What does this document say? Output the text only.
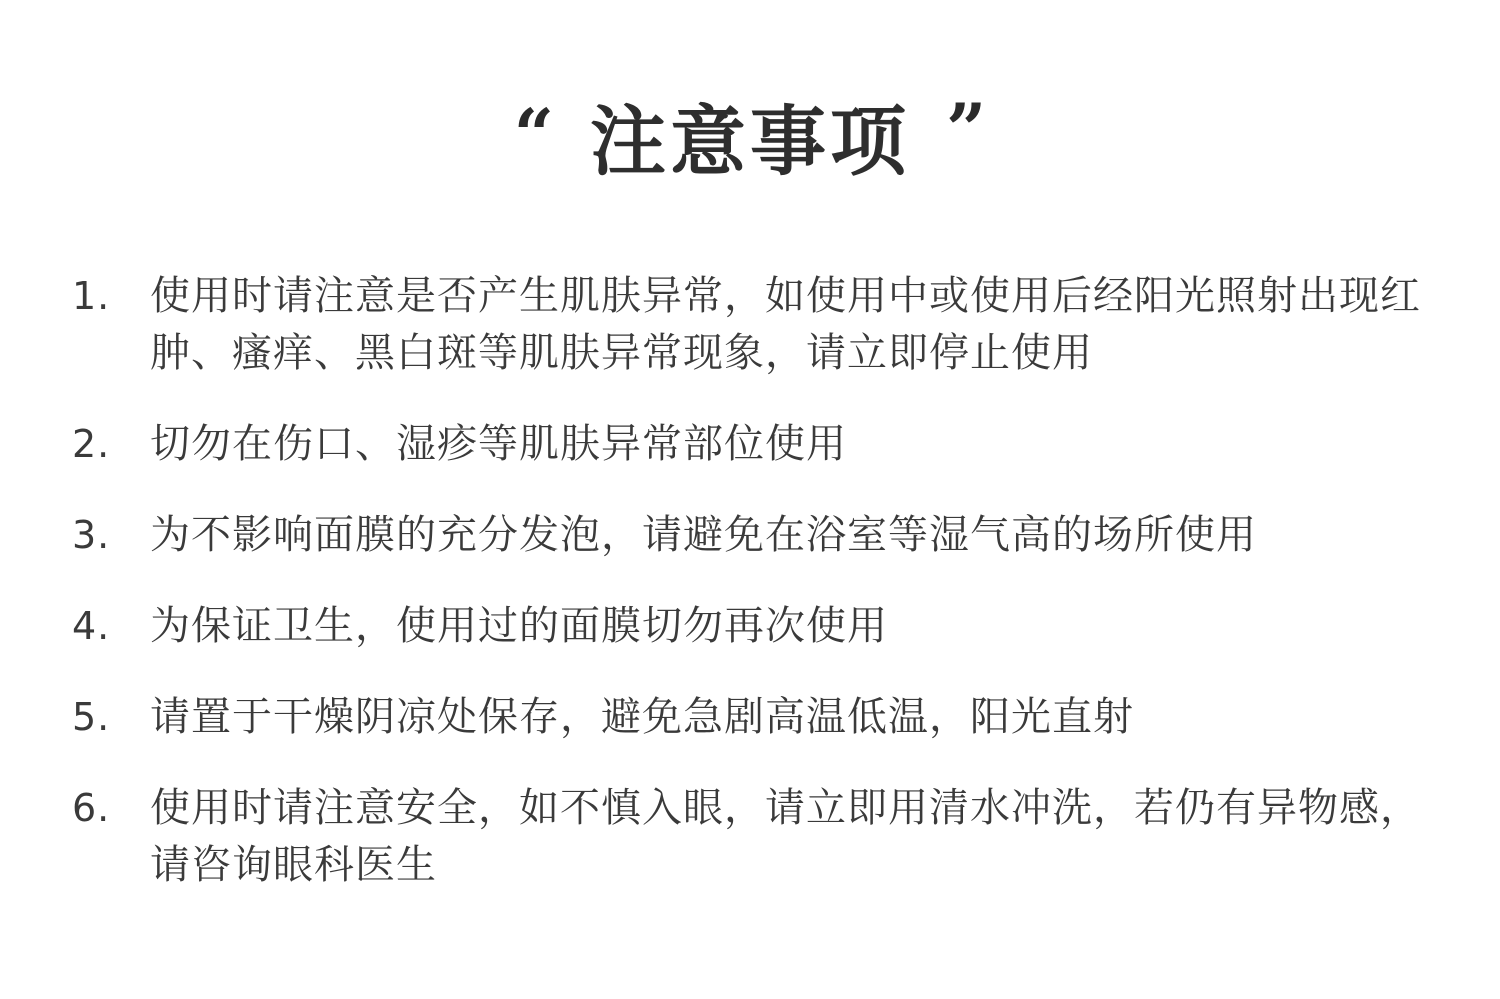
“ 注意事项 ”
1. 使用时请注意是否产生肌肤异常，如使用中或使用后经阳光照射出现红肿、瘙痒、黑白斑等肌肤异常现象，请立即停止使用
2. 切勿在伤口、湿疹等肌肤异常部位使用
3. 为不影响面膜的充分发泡，请避免在浴室等湿气高的场所使用
4. 为保证卫生，使用过的面膜切勿再次使用
5. 请置于干燥阴凉处保存，避免急剧高温低温，阳光直射
6. 使用时请注意安全，如不慎入眼，请立即用清水冲洗，若仍有异物感，请咨询眼科医生
